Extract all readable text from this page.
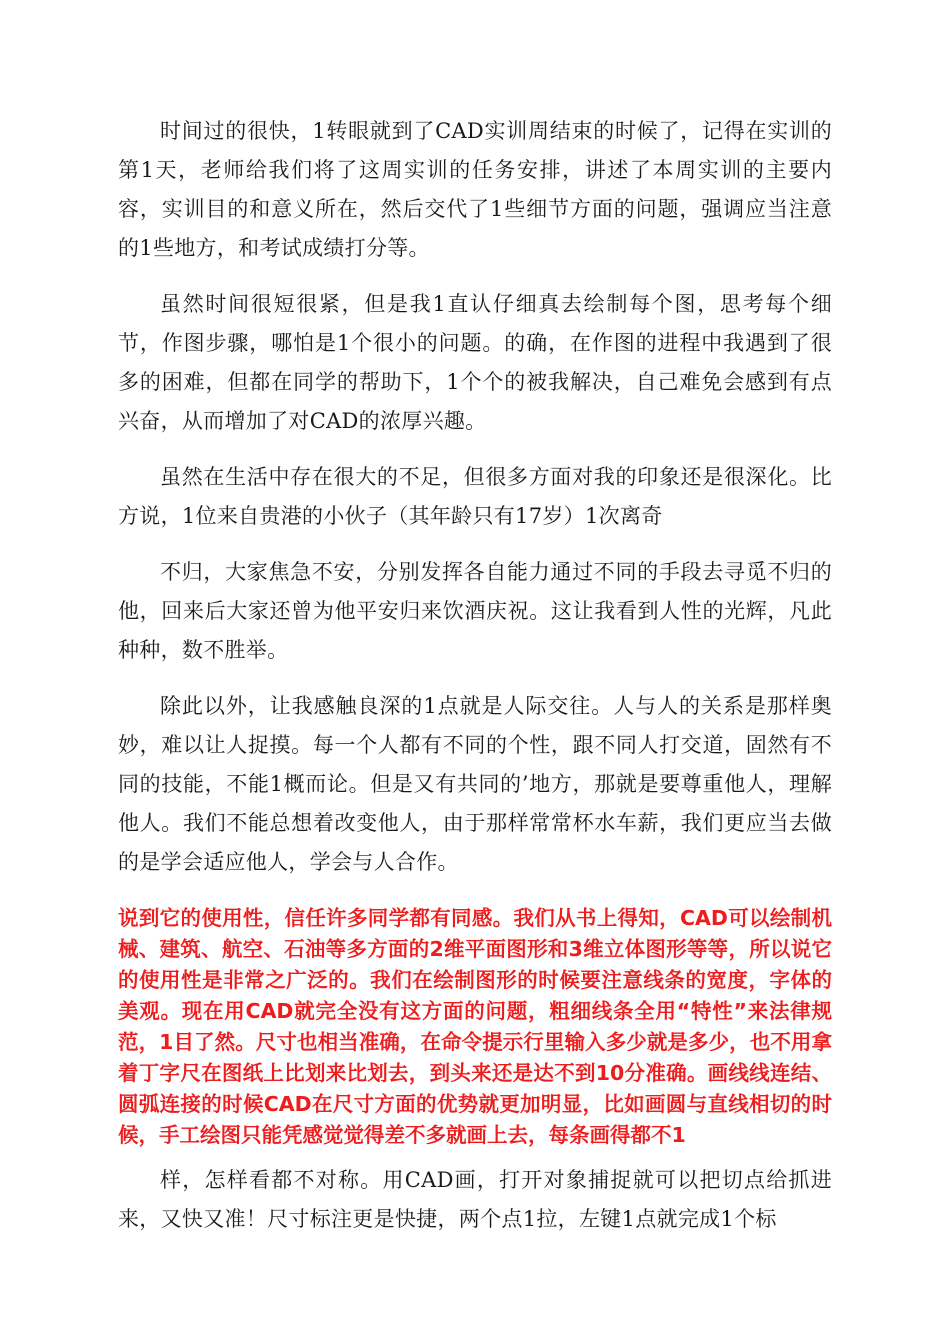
时间过的很快，1转眼就到了CAD实训周结束的时候了，记得在实训的第1天，老师给我们将了这周实训的任务安排，讲述了本周实训的主要内容，实训目的和意义所在，然后交代了1些细节方面的问题，强调应当注意的1些地方，和考试成绩打分等。

虽然时间很短很紧，但是我1直认仔细真去绘制每个图，思考每个细节，作图步骤，哪怕是1个很小的问题。的确，在作图的进程中我遇到了很多的困难，但都在同学的帮助下，1个个的被我解决，自己难免会感到有点兴奋，从而增加了对CAD的浓厚兴趣。

虽然在生活中存在很大的不足，但很多方面对我的印象还是很深化。比方说，1位来自贵港的小伙子（其年龄只有17岁）1次离奇

不归，大家焦急不安，分别发挥各自能力通过不同的手段去寻觅不归的他，回来后大家还曾为他平安归来饮酒庆祝。这让我看到人性的光辉，凡此种种，数不胜举。

除此以外，让我感触良深的1点就是人际交往。人与人的关系是那样奥妙，难以让人捉摸。每一个人都有不同的个性，跟不同人打交道，固然有不同的技能，不能1概而论。但是又有共同的’地方，那就是要尊重他人，理解他人。我们不能总想着改变他人，由于那样常常杯水车薪，我们更应当去做的是学会适应他人，学会与人合作。

说到它的使用性，信任许多同学都有同感。我们从书上得知，CAD可以绘制机械、建筑、航空、石油等多方面的2维平面图形和3维立体图形等等，所以说它的使用性是非常之广泛的。我们在绘制图形的时候要注意线条的宽度，字体的美观。现在用CAD就完全没有这方面的问题，粗细线条全用“特性”来法律规范，1目了然。尺寸也相当准确，在命令提示行里输入多少就是多少，也不用拿着丁字尺在图纸上比划来比划去，到头来还是达不到10分准确。画线线连结、圆弧连接的时候CAD在尺寸方面的优势就更加明显，比如画圆与直线相切的时候，手工绘图只能凭感觉觉得差不多就画上去，每条画得都不1

样，怎样看都不对称。用CAD画，打开对象捕捉就可以把切点给抓进来，又快又准！尺寸标注更是快捷，两个点1拉，左键1点就完成1个标
